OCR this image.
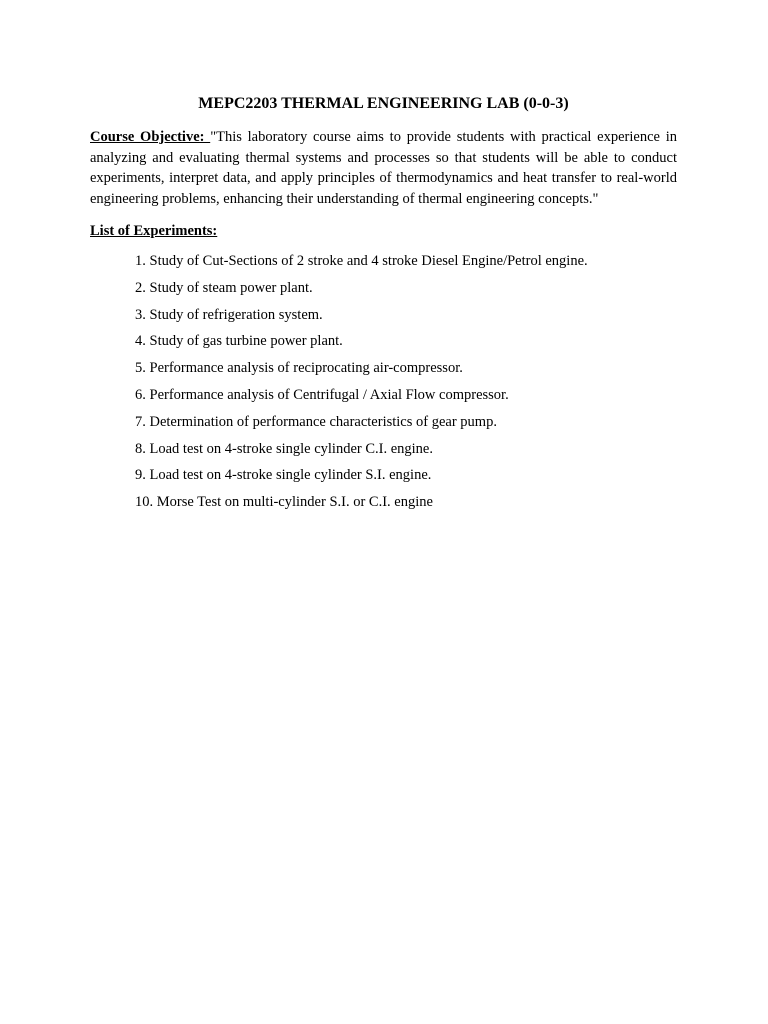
MEPC2203 THERMAL ENGINEERING LAB (0-0-3)

Course Objective: "This laboratory course aims to provide students with practical experience in analyzing and evaluating thermal systems and processes so that students will be able to conduct experiments, interpret data, and apply principles of thermodynamics and heat transfer to real-world engineering problems, enhancing their understanding of thermal engineering concepts."

List of Experiments:
1. Study of Cut-Sections of 2 stroke and 4 stroke Diesel Engine/Petrol engine.
2. Study of steam power plant.
3. Study of refrigeration system.
4. Study of gas turbine power plant.
5. Performance analysis of reciprocating air-compressor.
6. Performance analysis of Centrifugal / Axial Flow compressor.
7. Determination of performance characteristics of gear pump.
8. Load test on 4-stroke single cylinder C.I. engine.
9. Load test on 4-stroke single cylinder S.I. engine.
10. Morse Test on multi-cylinder S.I. or C.I. engine
